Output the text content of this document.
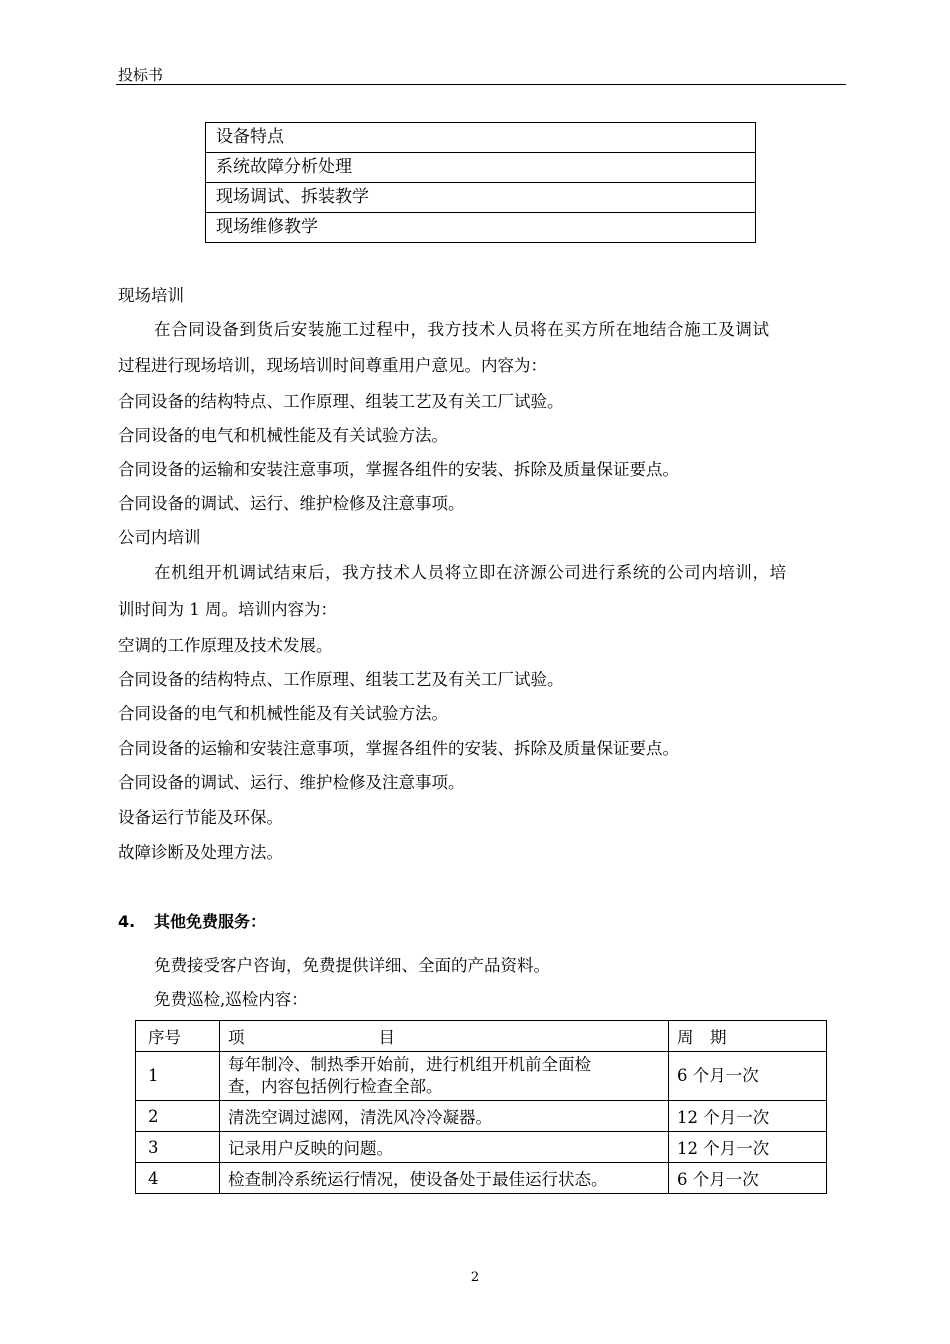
投标书
设备特点
系统故障分析处理
现场调试、拆装教学
现场维修教学
现场培训
在合同设备到货后安装施工过程中，我方技术人员将在买方所在地结合施工及调试
过程进行现场培训，现场培训时间尊重用户意见。内容为：
合同设备的结构特点、工作原理、组装工艺及有关工厂试验。
合同设备的电气和机械性能及有关试验方法。
合同设备的运输和安装注意事项，掌握各组件的安装、拆除及质量保证要点。
合同设备的调试、运行、维护检修及注意事项。
公司内培训
在机组开机调试结束后，我方技术人员将立即在济源公司进行系统的公司内培训，培
训时间为 1 周。培训内容为：
空调的工作原理及技术发展。
合同设备的结构特点、工作原理、组装工艺及有关工厂试验。
合同设备的电气和机械性能及有关试验方法。
合同设备的运输和安装注意事项，掌握各组件的安装、拆除及质量保证要点。
合同设备的调试、运行、维护检修及注意事项。
设备运行节能及环保。
故障诊断及处理方法。
4. 其他免费服务：
免费接受客户咨询，免费提供详细、全面的产品资料。
免费巡检,巡检内容：
序号	项 目	周　期
1	每年制冷、制热季开始前，进行机组开机前全面检
查，内容包括例行检查全部。	6 个月一次
2	清洗空调过滤网，清洗风冷冷凝器。	12 个月一次
3	记录用户反映的问题。	12 个月一次
4	检查制冷系统运行情况，使设备处于最佳运行状态。	6 个月一次
2
